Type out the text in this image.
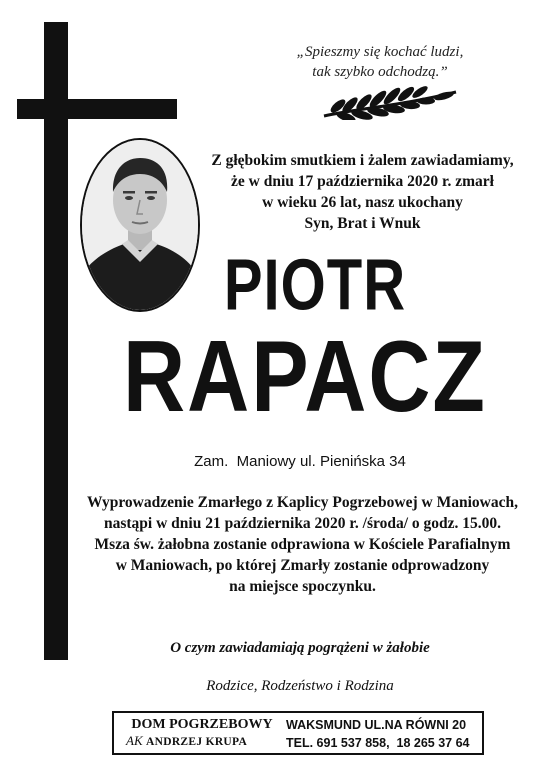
„Spieszmy się kochać ludzi,
tak szybko odchodzą.”
Z głębokim smutkiem i żalem zawiadamiamy,
że w dniu 17 października 2020 r. zmarł
w wieku 26 lat, nasz ukochany
Syn, Brat i Wnuk
PIOTR
RAPACZ
Zam.  Maniowy ul. Pienińska 34
Wyprowadzenie Zmarłego z Kaplicy Pogrzebowej w Maniowach,
nastąpi w dniu 21 października 2020 r. /środa/ o godz. 15.00.
Msza św. żałobna zostanie odprawiona w Kościele Parafialnym
w Maniowach, po której Zmarły zostanie odprowadzony
na miejsce spoczynku.
O czym zawiadamiają pogrążeni w żałobie
Rodzice, Rodzeństwo i Rodzina
DOM POGRZEBOWY
AK ANDRZEJ KRUPA
WAKSMUND UL.NA RÓWNI 20
TEL. 691 537 858,  18 265 37 64
